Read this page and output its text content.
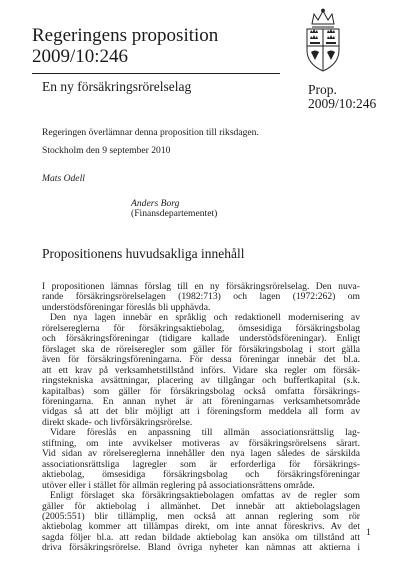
Regeringens proposition
2009/10:246
En ny försäkringsrörelselag	Prop.
2009/10:246
Regeringen överlämnar denna proposition till riksdagen.
Stockholm den 9 september 2010
Mats Odell
Anders Borg
(Finansdepartementet)
Propositionens huvudsakliga innehåll
I propositionen lämnas förslag till en ny försäkringsrörelselag. Den nuva-
rande försäkringsrörelselagen (1982:713) och lagen (1972:262) om
understödsföreningar föreslås bli upphävda.
Den nya lagen innebär en språklig och redaktionell modernisering av
rörelsereglerna för försäkringsaktiebolag, ömsesidiga försäkringsbolag
och försäkringsföreningar (tidigare kallade understödsföreningar). Enligt
förslaget ska de rörelseregler som gäller för försäkringsbolag i stort gälla
även för försäkringsföreningarna. För dessa föreningar innebär det bl.a.
att ett krav på verksamhetstillstånd införs. Vidare ska regler om försäk-
ringstekniska avsättningar, placering av tillgångar och buffertkapital (s.k.
kapitalbas) som gäller för försäkringsbolag också omfatta försäkrings-
föreningarna. En annan nyhet är att föreningarnas verksamhetsområde
vidgas så att det blir möjligt att i föreningsform meddela all form av
direkt skade- och livförsäkringsrörelse.
Vidare föreslås en anpassning till allmän associationsrättslig lag-
stiftning, om inte avvikelser motiveras av försäkringsrörelsens särart.
Vid sidan av rörelsereglerna innehåller den nya lagen således de särskilda
associationsrättsliga lagregler som är erforderliga för försäkrings-
aktiebolag, ömsesidiga försäkringsbolag och försäkringsföreningar
utöver eller i stället för allmän reglering på associationsrättens område.
Enligt förslaget ska försäkringsaktiebolagen omfattas av de regler som
gäller för aktiebolag i allmänhet. Det innebär att aktiebolagslagen
(2005:551) blir tillämplig, men också att annan reglering som rör
aktiebolag kommer att tillämpas direkt, om inte annat föreskrivs. Av det
sagda följer bl.a. att redan bildade aktiebolag kan ansöka om tillstånd att
driva försäkringsrörelse. Bland övriga nyheter kan nämnas att aktierna i
1
